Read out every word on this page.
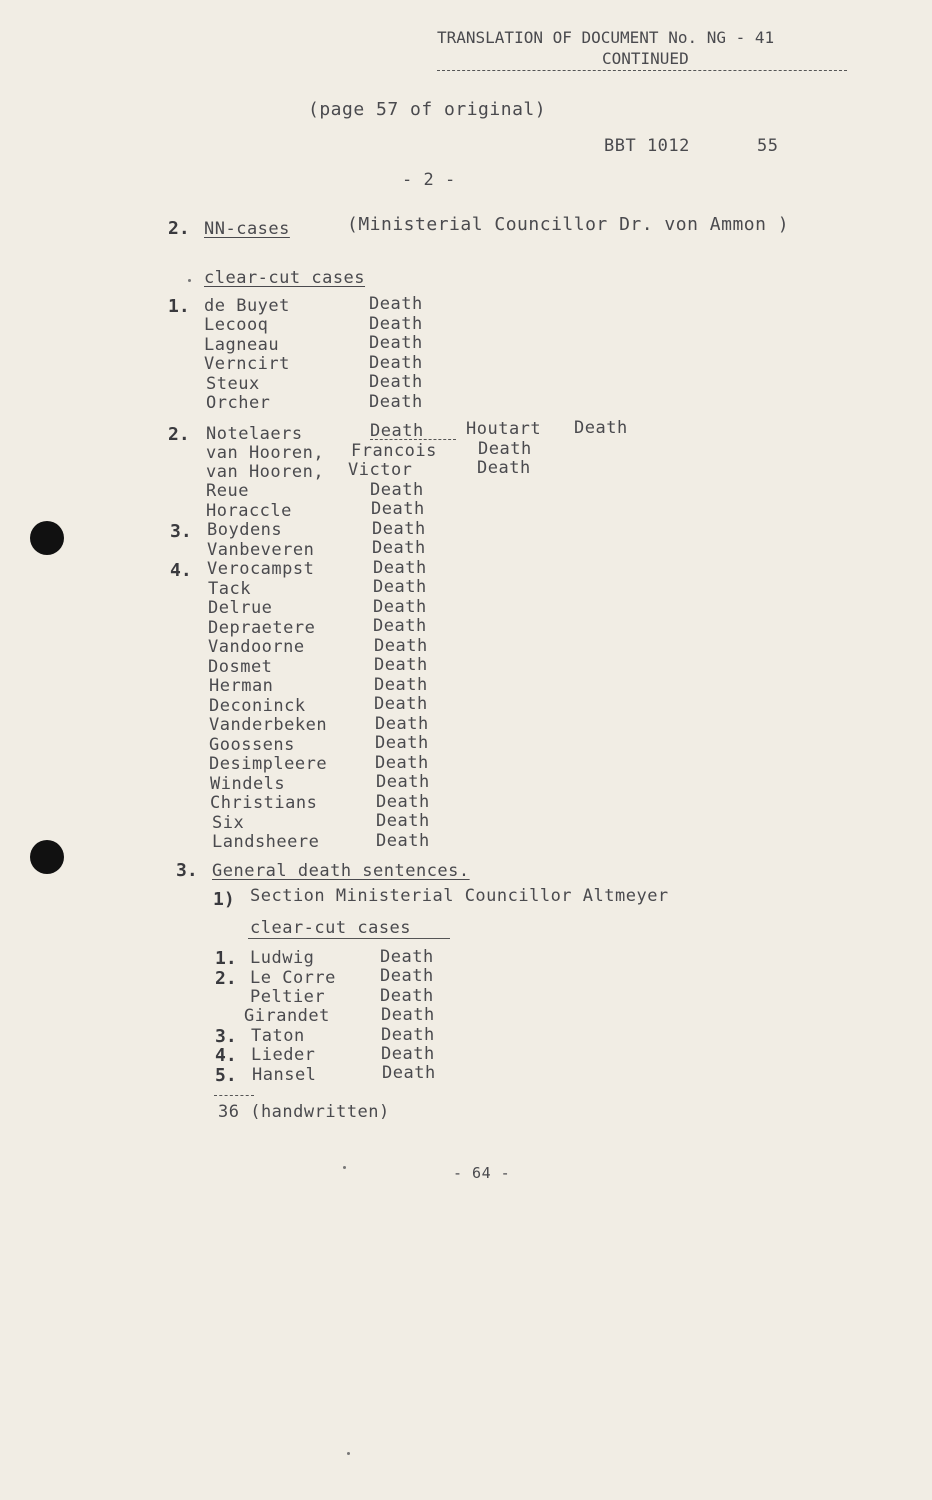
TRANSLATION OF DOCUMENT No. NG - 41
CONTINUED
(page 57 of original)
BBT 1012	55
- 2 -
2. NN-cases	(Ministerial Councillor Dr. von Ammon )
clear-cut cases
1. de Buyet	Death
Lecooq	Death
Lagneau	Death
Verncirt	Death
Steux	Death
Orcher	Death
2. Notelaers	Death Houtart Death
van Hooren, Francois Death
van Hooren, Victor	Death
Reue	Death
Horaccle	Death
3. Boydens	Death
Vanbeveren	Death
4. Verocampst	Death
Tack	Death
Delrue	Death
Depraetere	Death
Vandoorne	Death
Dosmet	Death
Herman	Death
Deconinck	Death
Vanderbeken	Death
Goossens	Death
Desimpleere	Death
Windels	Death
Christians	Death
Six	Death
Landsheere	Death
3. General death sentences.
1) Section Ministerial Councillor Altmeyer
clear-cut cases
1. Ludwig	Death
2. Le Corre	Death
Peltier	Death
Girandet	Death
3. Taton	Death
4. Lieder	Death
5. Hansel	Death
36 (handwritten)
- 64 -
